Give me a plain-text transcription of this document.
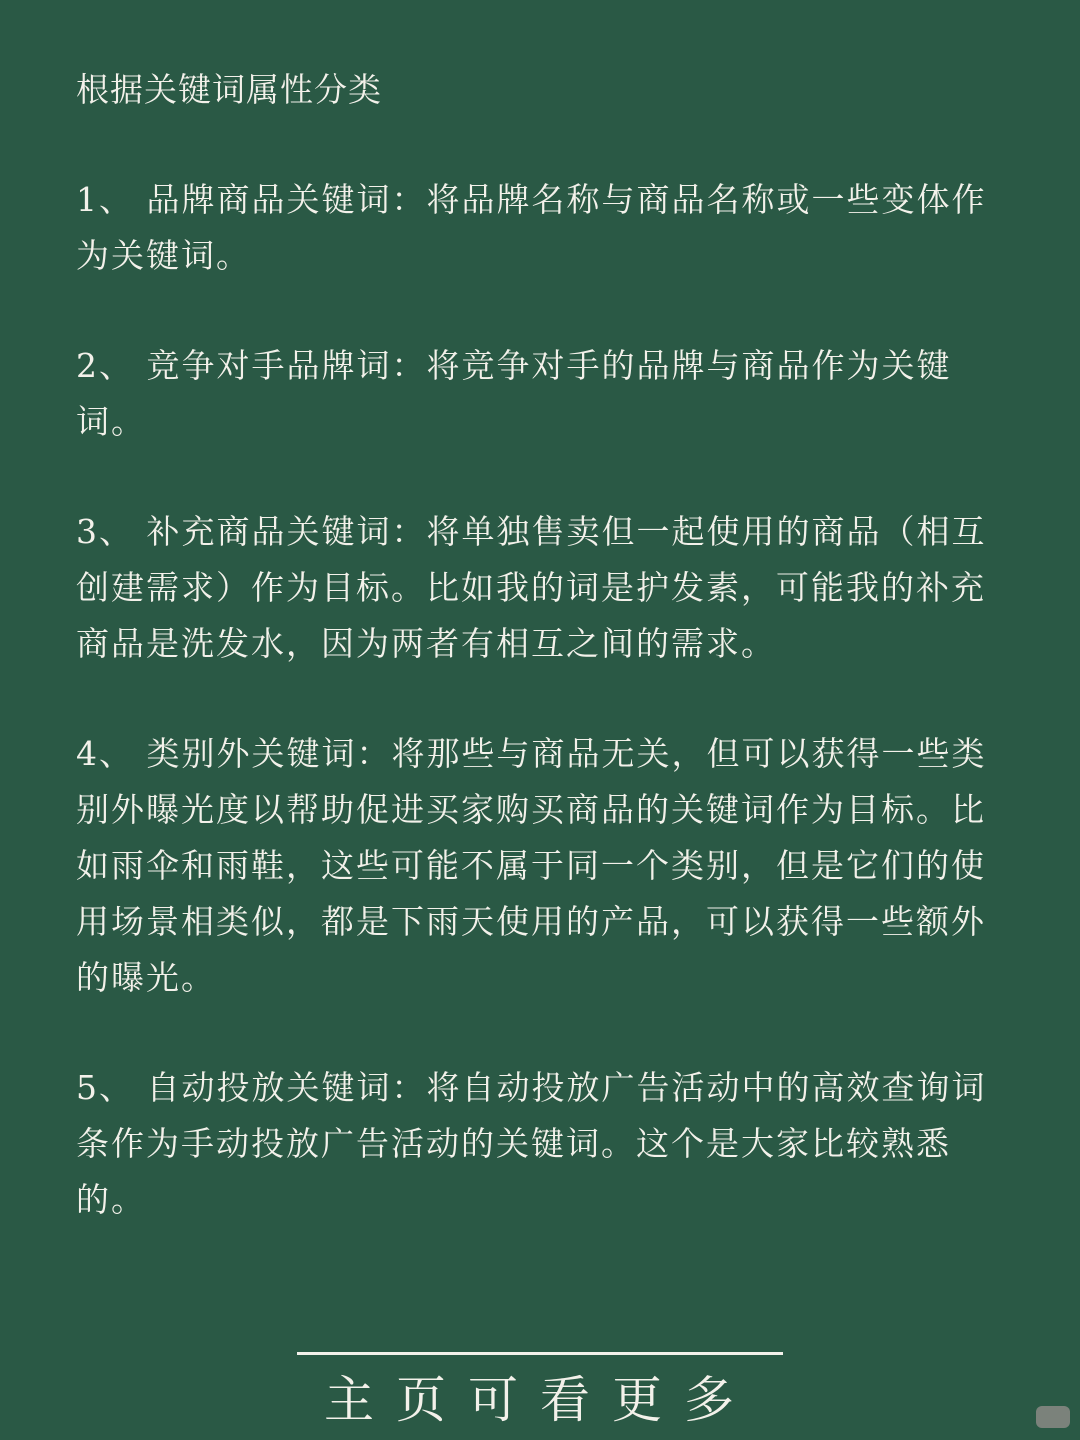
根据关键词属性分类
1、 品牌商品关键词：将品牌名称与商品名称或一些变体作为关键词。
2、 竞争对手品牌词：将竞争对手的品牌与商品作为关键词。
3、 补充商品关键词：将单独售卖但一起使用的商品（相互创建需求）作为目标。比如我的词是护发素，可能我的补充商品是洗发水，因为两者有相互之间的需求。
4、 类别外关键词：将那些与商品无关，但可以获得一些类别外曝光度以帮助促进买家购买商品的关键词作为目标。比如雨伞和雨鞋，这些可能不属于同一个类别，但是它们的使用场景相类似，都是下雨天使用的产品，可以获得一些额外的曝光。
5、 自动投放关键词：将自动投放广告活动中的高效查询词条作为手动投放广告活动的关键词。这个是大家比较熟悉的。
主页可看更多
